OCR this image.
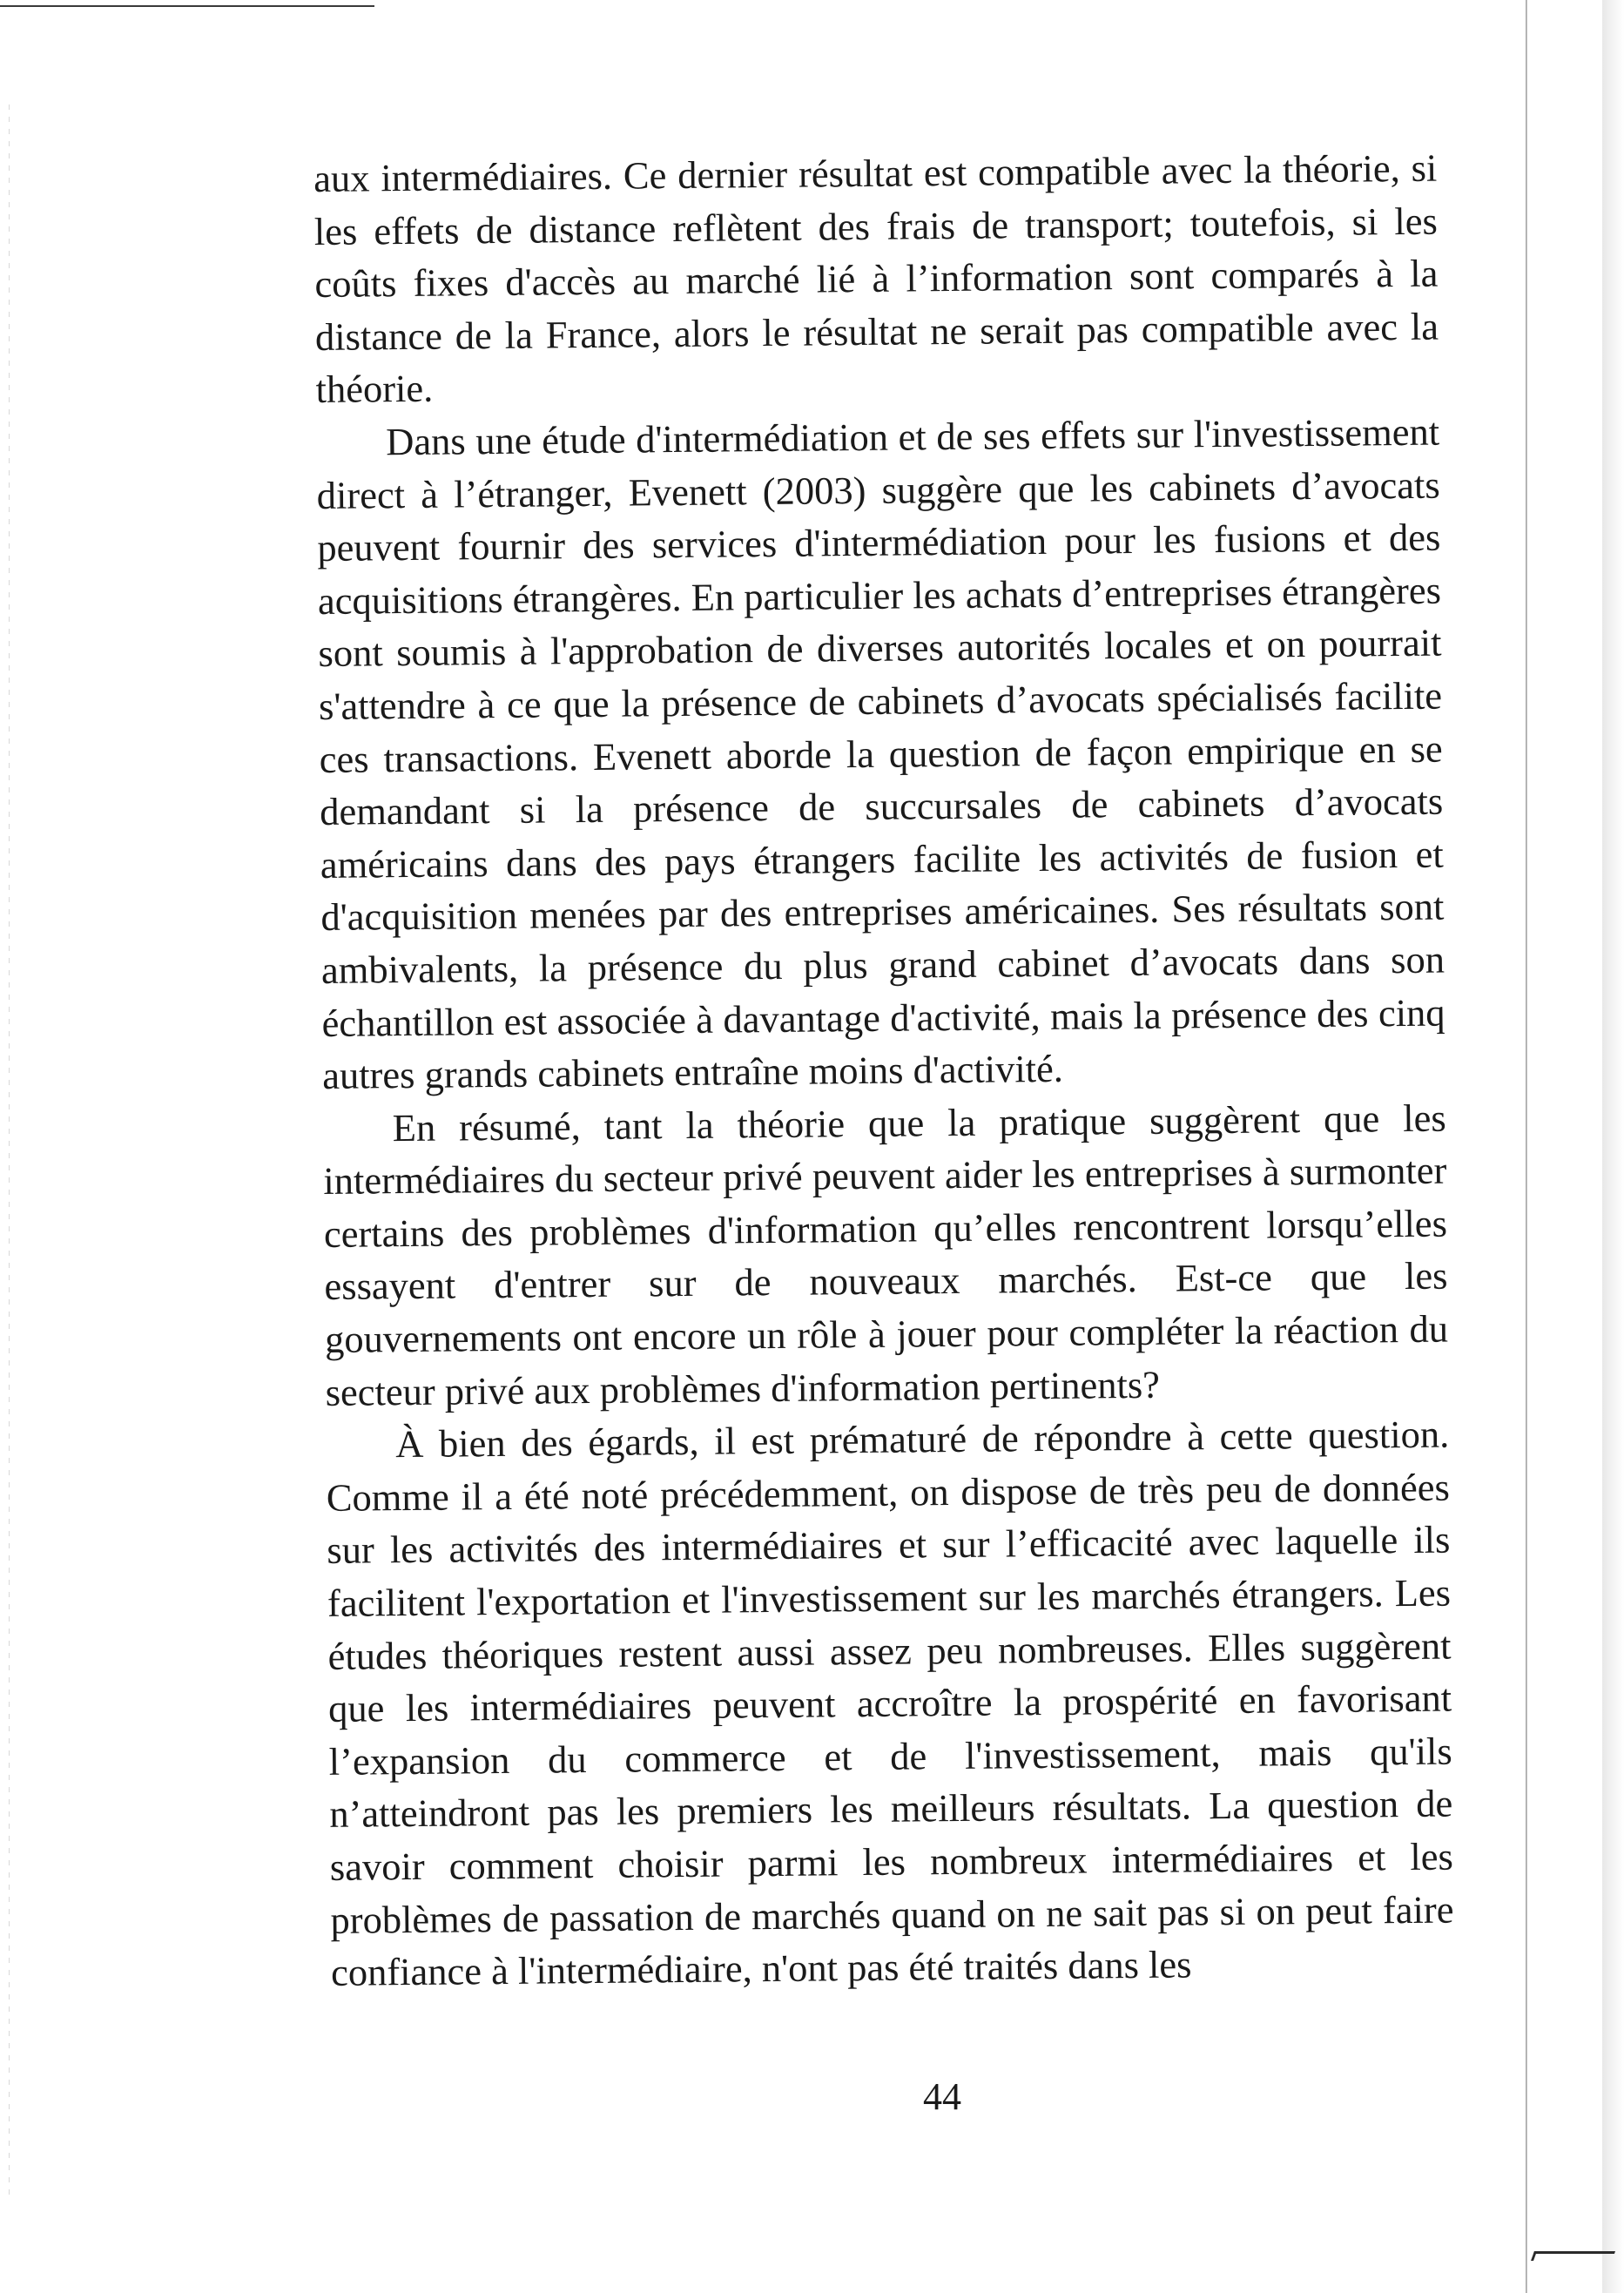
aux intermédiaires. Ce dernier résultat est compatible avec la théorie, si les effets de distance reflètent des frais de transport; toutefois, si les coûts fixes d'accès au marché lié à l’information sont comparés à la distance de la France, alors le résultat ne serait pas compatible avec la théorie.

Dans une étude d'intermédiation et de ses effets sur l'investissement direct à l’étranger, Evenett (2003) suggère que les cabinets d’avocats peuvent fournir des services d'intermédiation pour les fusions et des acquisitions étrangères. En particulier les achats d’entreprises étrangères sont soumis à l'approbation de diverses autorités locales et on pourrait s'attendre à ce que la présence de cabinets d’avocats spécialisés facilite ces transactions. Evenett aborde la question de façon empirique en se demandant si la présence de succursales de cabinets d’avocats américains dans des pays étrangers facilite les activités de fusion et d'acquisition menées par des entreprises américaines. Ses résultats sont ambivalents, la présence du plus grand cabinet d’avocats dans son échantillon est associée à davantage d'activité, mais la présence des cinq autres grands cabinets entraîne moins d'activité.

En résumé, tant la théorie que la pratique suggèrent que les intermédiaires du secteur privé peuvent aider les entreprises à surmonter certains des problèmes d'information qu’elles rencontrent lorsqu’elles essayent d'entrer sur de nouveaux marchés. Est-ce que les gouvernements ont encore un rôle à jouer pour compléter la réaction du secteur privé aux problèmes d'information pertinents?

À bien des égards, il est prématuré de répondre à cette question. Comme il a été noté précédemment, on dispose de très peu de données sur les activités des intermédiaires et sur l’efficacité avec laquelle ils facilitent l'exportation et l'investissement sur les marchés étrangers. Les études théoriques restent aussi assez peu nombreuses. Elles suggèrent que les intermédiaires peuvent accroître la prospérité en favorisant l’expansion du commerce et de l'investissement, mais qu'ils n’atteindront pas les premiers les meilleurs résultats. La question de savoir comment choisir parmi les nombreux intermédiaires et les problèmes de passation de marchés quand on ne sait pas si on peut faire confiance à l'intermédiaire, n'ont pas été traités dans les

44
